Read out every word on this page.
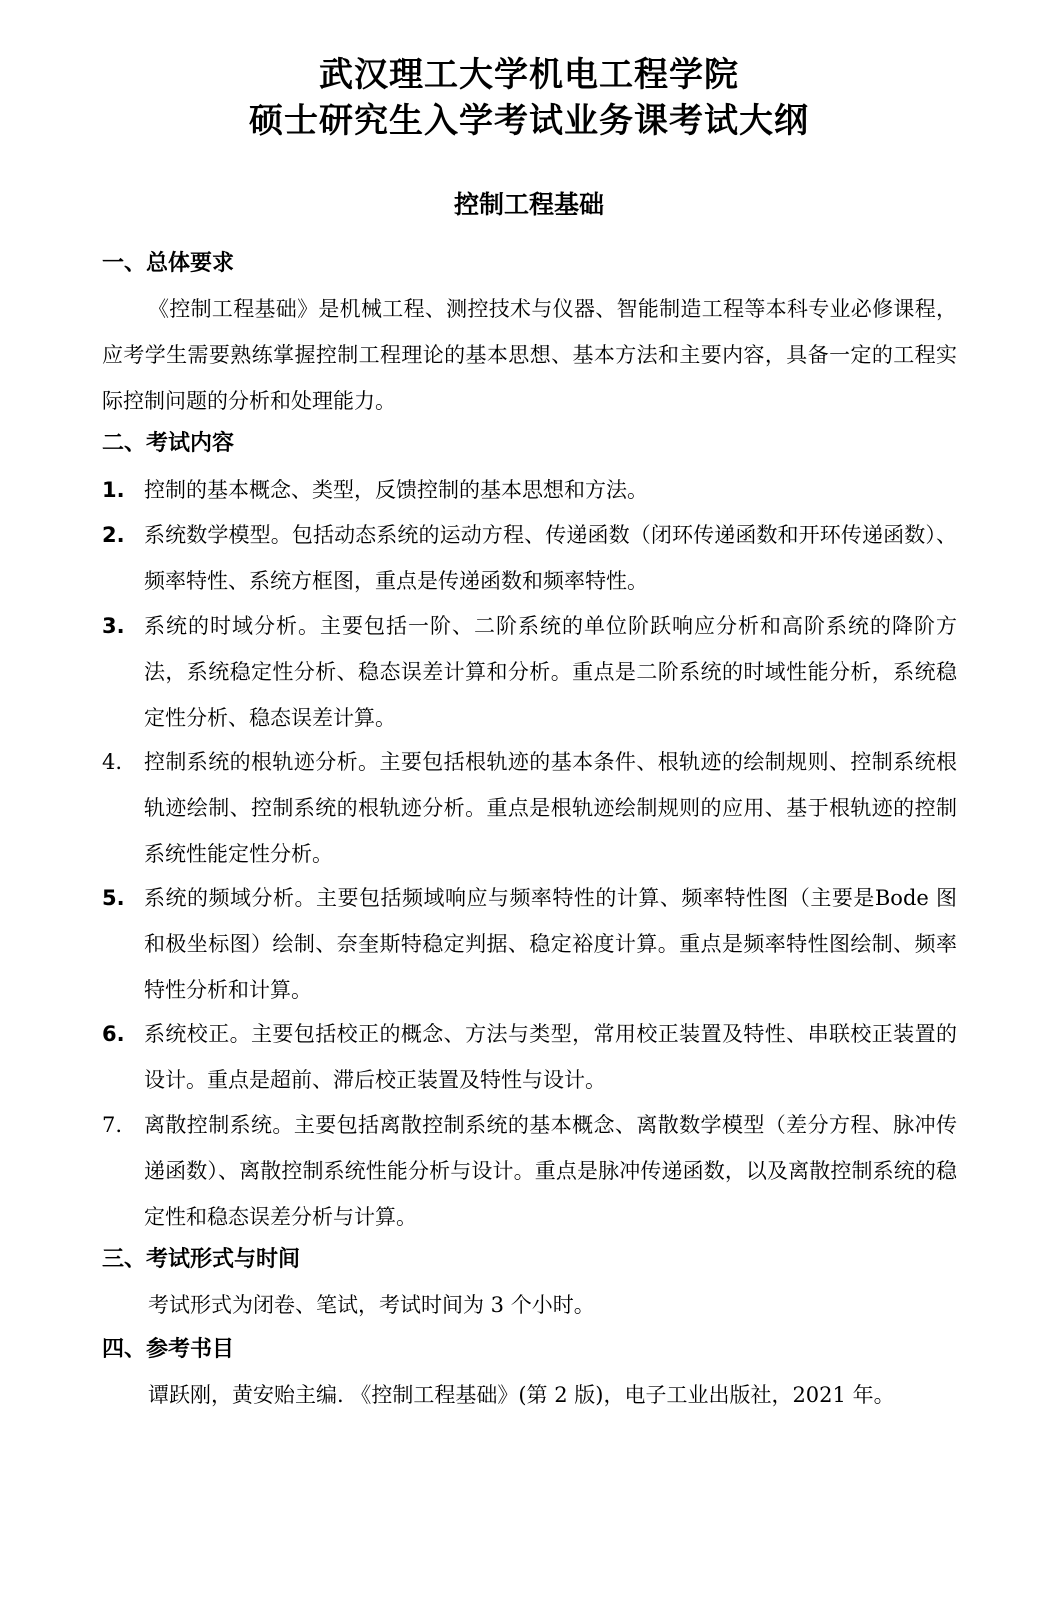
武汉理工大学机电工程学院
硕士研究生入学考试业务课考试大纲
控制工程基础
一、总体要求
《控制工程基础》是机械工程、测控技术与仪器、智能制造工程等本科专业必修课程，应考学生需要熟练掌握控制工程理论的基本思想、基本方法和主要内容，具备一定的工程实际控制问题的分析和处理能力。
二、考试内容
1. 控制的基本概念、类型，反馈控制的基本思想和方法。
2. 系统数学模型。包括动态系统的运动方程、传递函数（闭环传递函数和开环传递函数）、频率特性、系统方框图，重点是传递函数和频率特性。
3. 系统的时域分析。主要包括一阶、二阶系统的单位阶跃响应分析和高阶系统的降阶方法，系统稳定性分析、稳态误差计算和分析。重点是二阶系统的时域性能分析，系统稳定性分析、稳态误差计算。
4. 控制系统的根轨迹分析。主要包括根轨迹的基本条件、根轨迹的绘制规则、控制系统根轨迹绘制、控制系统的根轨迹分析。重点是根轨迹绘制规则的应用、基于根轨迹的控制系统性能定性分析。
5. 系统的频域分析。主要包括频域响应与频率特性的计算、频率特性图（主要是Bode 图和极坐标图）绘制、奈奎斯特稳定判据、稳定裕度计算。重点是频率特性图绘制、频率特性分析和计算。
6. 系统校正。主要包括校正的概念、方法与类型，常用校正装置及特性、串联校正装置的设计。重点是超前、滞后校正装置及特性与设计。
7. 离散控制系统。主要包括离散控制系统的基本概念、离散数学模型（差分方程、脉冲传递函数）、离散控制系统性能分析与设计。重点是脉冲传递函数，以及离散控制系统的稳定性和稳态误差分析与计算。
三、考试形式与时间
考试形式为闭卷、笔试，考试时间为 3 个小时。
四、参考书目
谭跃刚，黄安贻主编. 《控制工程基础》(第 2 版)，电子工业出版社，2021 年。
